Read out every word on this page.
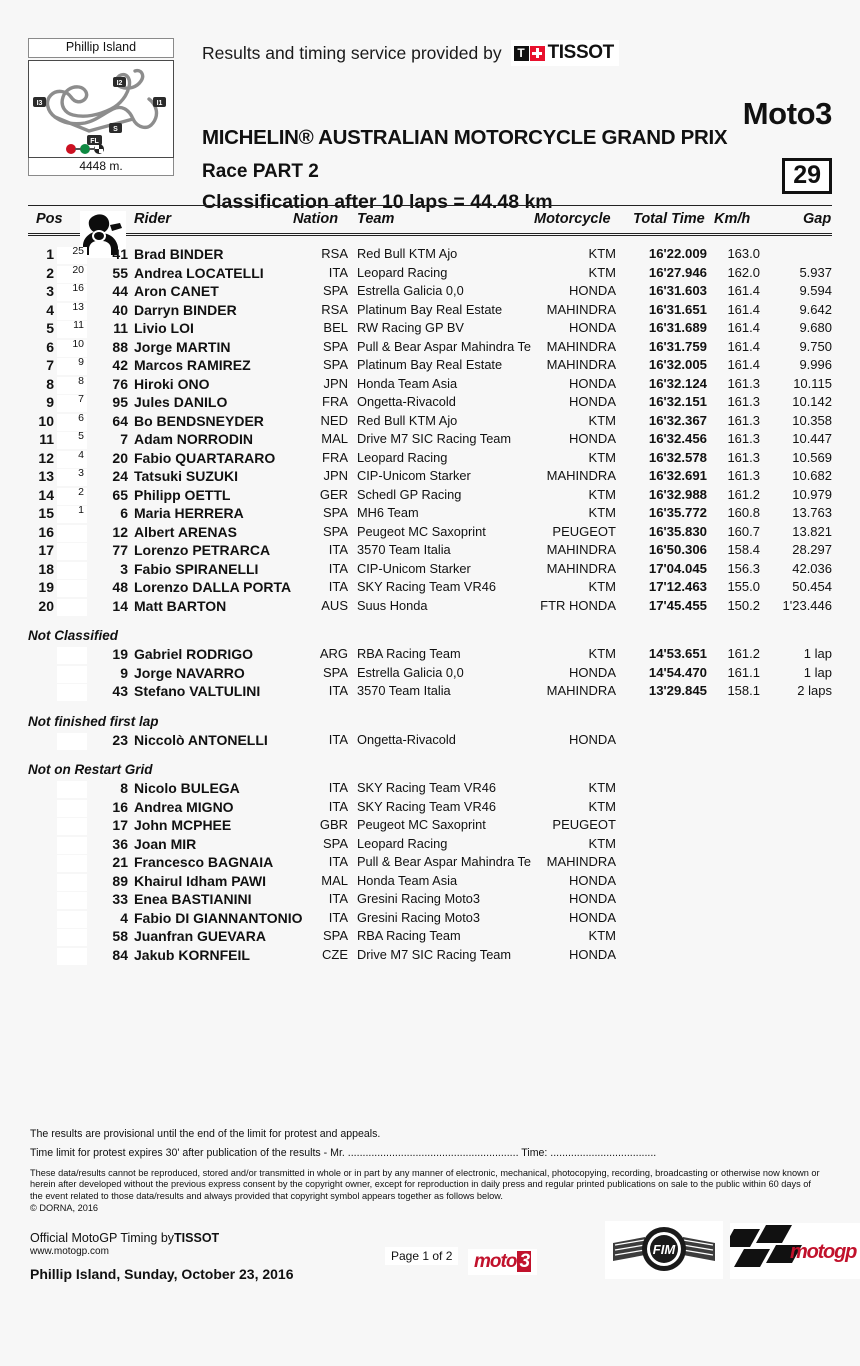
Phillip Island
I2
I3	I1
S
FL
4448 m.
Results and timing service provided by	T TISSOT
Moto3
MICHELIN® AUSTRALIAN MOTORCYCLE GRAND PRIX
Race PART 2
Classification after 10 laps = 44.48 km
29
Pos	Rider	Nation Team	Motorcycle Total Time Km/h	Gap
1	25	41 Brad BINDER	RSA Red Bull KTM Ajo	KTM	16'22.009	163.0
2	20	55 Andrea LOCATELLI	ITA Leopard Racing	KTM	16'27.946	162.0	5.937
3	16	44 Aron CANET	SPA Estrella Galicia 0,0	HONDA	16'31.603	161.4	9.594
4	13	40 Darryn BINDER	RSA Platinum Bay Real Estate	MAHINDRA	16'31.651	161.4	9.642
5	11	11 Livio LOI	BEL RW Racing GP BV	HONDA	16'31.689	161.4	9.680
6	10	88 Jorge MARTIN	SPA Pull & Bear Aspar Mahindra Te	MAHINDRA	16'31.759	161.4	9.750
7	9	42 Marcos RAMIREZ	SPA Platinum Bay Real Estate	MAHINDRA	16'32.005	161.4	9.996
8	8	76 Hiroki ONO	JPN Honda Team Asia	HONDA	16'32.124	161.3	10.115
9	7	95 Jules DANILO	FRA Ongetta-Rivacold	HONDA	16'32.151	161.3	10.142
10	6	64 Bo BENDSNEYDER	NED Red Bull KTM Ajo	KTM	16'32.367	161.3	10.358
11	5	7 Adam NORRODIN	MAL Drive M7 SIC Racing Team	HONDA	16'32.456	161.3	10.447
12	4	20 Fabio QUARTARARO	FRA Leopard Racing	KTM	16'32.578	161.3	10.569
13	3	24 Tatsuki SUZUKI	JPN CIP-Unicom Starker	MAHINDRA	16'32.691	161.3	10.682
14	2	65 Philipp OETTL	GER Schedl GP Racing	KTM	16'32.988	161.2	10.979
15	1	6 Maria HERRERA	SPA MH6 Team	KTM	16'35.772	160.8	13.763
16	12 Albert ARENAS	SPA Peugeot MC Saxoprint	PEUGEOT	16'35.830	160.7	13.821
17	77 Lorenzo PETRARCA	ITA 3570 Team Italia	MAHINDRA	16'50.306	158.4	28.297
18	3 Fabio SPIRANELLI	ITA CIP-Unicom Starker	MAHINDRA	17'04.045	156.3	42.036
19	48 Lorenzo DALLA PORTA	ITA SKY Racing Team VR46	KTM	17'12.463	155.0	50.454
20	14 Matt BARTON	AUS Suus Honda	FTR HONDA	17'45.455	150.2	1'23.446
Not Classified
19 Gabriel RODRIGO	ARG RBA Racing Team	KTM	14'53.651	161.2	1 lap
9 Jorge NAVARRO	SPA Estrella Galicia 0,0	HONDA	14'54.470	161.1	1 lap
43 Stefano VALTULINI	ITA 3570 Team Italia	MAHINDRA	13'29.845	158.1	2 laps
Not finished first lap
23 Niccolò ANTONELLI	ITA Ongetta-Rivacold	HONDA
Not on Restart Grid
8 Nicolo BULEGA	ITA SKY Racing Team VR46	KTM
16 Andrea MIGNO	ITA SKY Racing Team VR46	KTM
17 John MCPHEE	GBR Peugeot MC Saxoprint	PEUGEOT
36 Joan MIR	SPA Leopard Racing	KTM
21 Francesco BAGNAIA	ITA Pull & Bear Aspar Mahindra Te	MAHINDRA
89 Khairul Idham PAWI	MAL Honda Team Asia	HONDA
33 Enea BASTIANINI	ITA Gresini Racing Moto3	HONDA
4 Fabio DI GIANNANTONIO	ITA Gresini Racing Moto3	HONDA
58 Juanfran GUEVARA	SPA RBA Racing Team	KTM
84 Jakub KORNFEIL	CZE Drive M7 SIC Racing Team	HONDA
The results are provisional until the end of the limit for protest and appeals.
Time limit for protest expires 30' after publication of the results - Mr. .......................................................... Time: ....................................
These data/results cannot be reproduced, stored and/or transmitted in whole or in part by any manner of electronic, mechanical, photocopying, recording, broadcasting or otherwise now known or herein after developed without the previous express consent by the copyright owner, except for reproduction in daily press and regular printed publications on sale to the public within 60 days of the event related to those data/results and always provided that copyright symbol appears together as follows below.
© DORNA, 2016
Official MotoGP Timing byTISSOT
www.motogp.com
Phillip Island, Sunday, October 23, 2016
Page 1 of 2	moto 3
FIM	motogp
